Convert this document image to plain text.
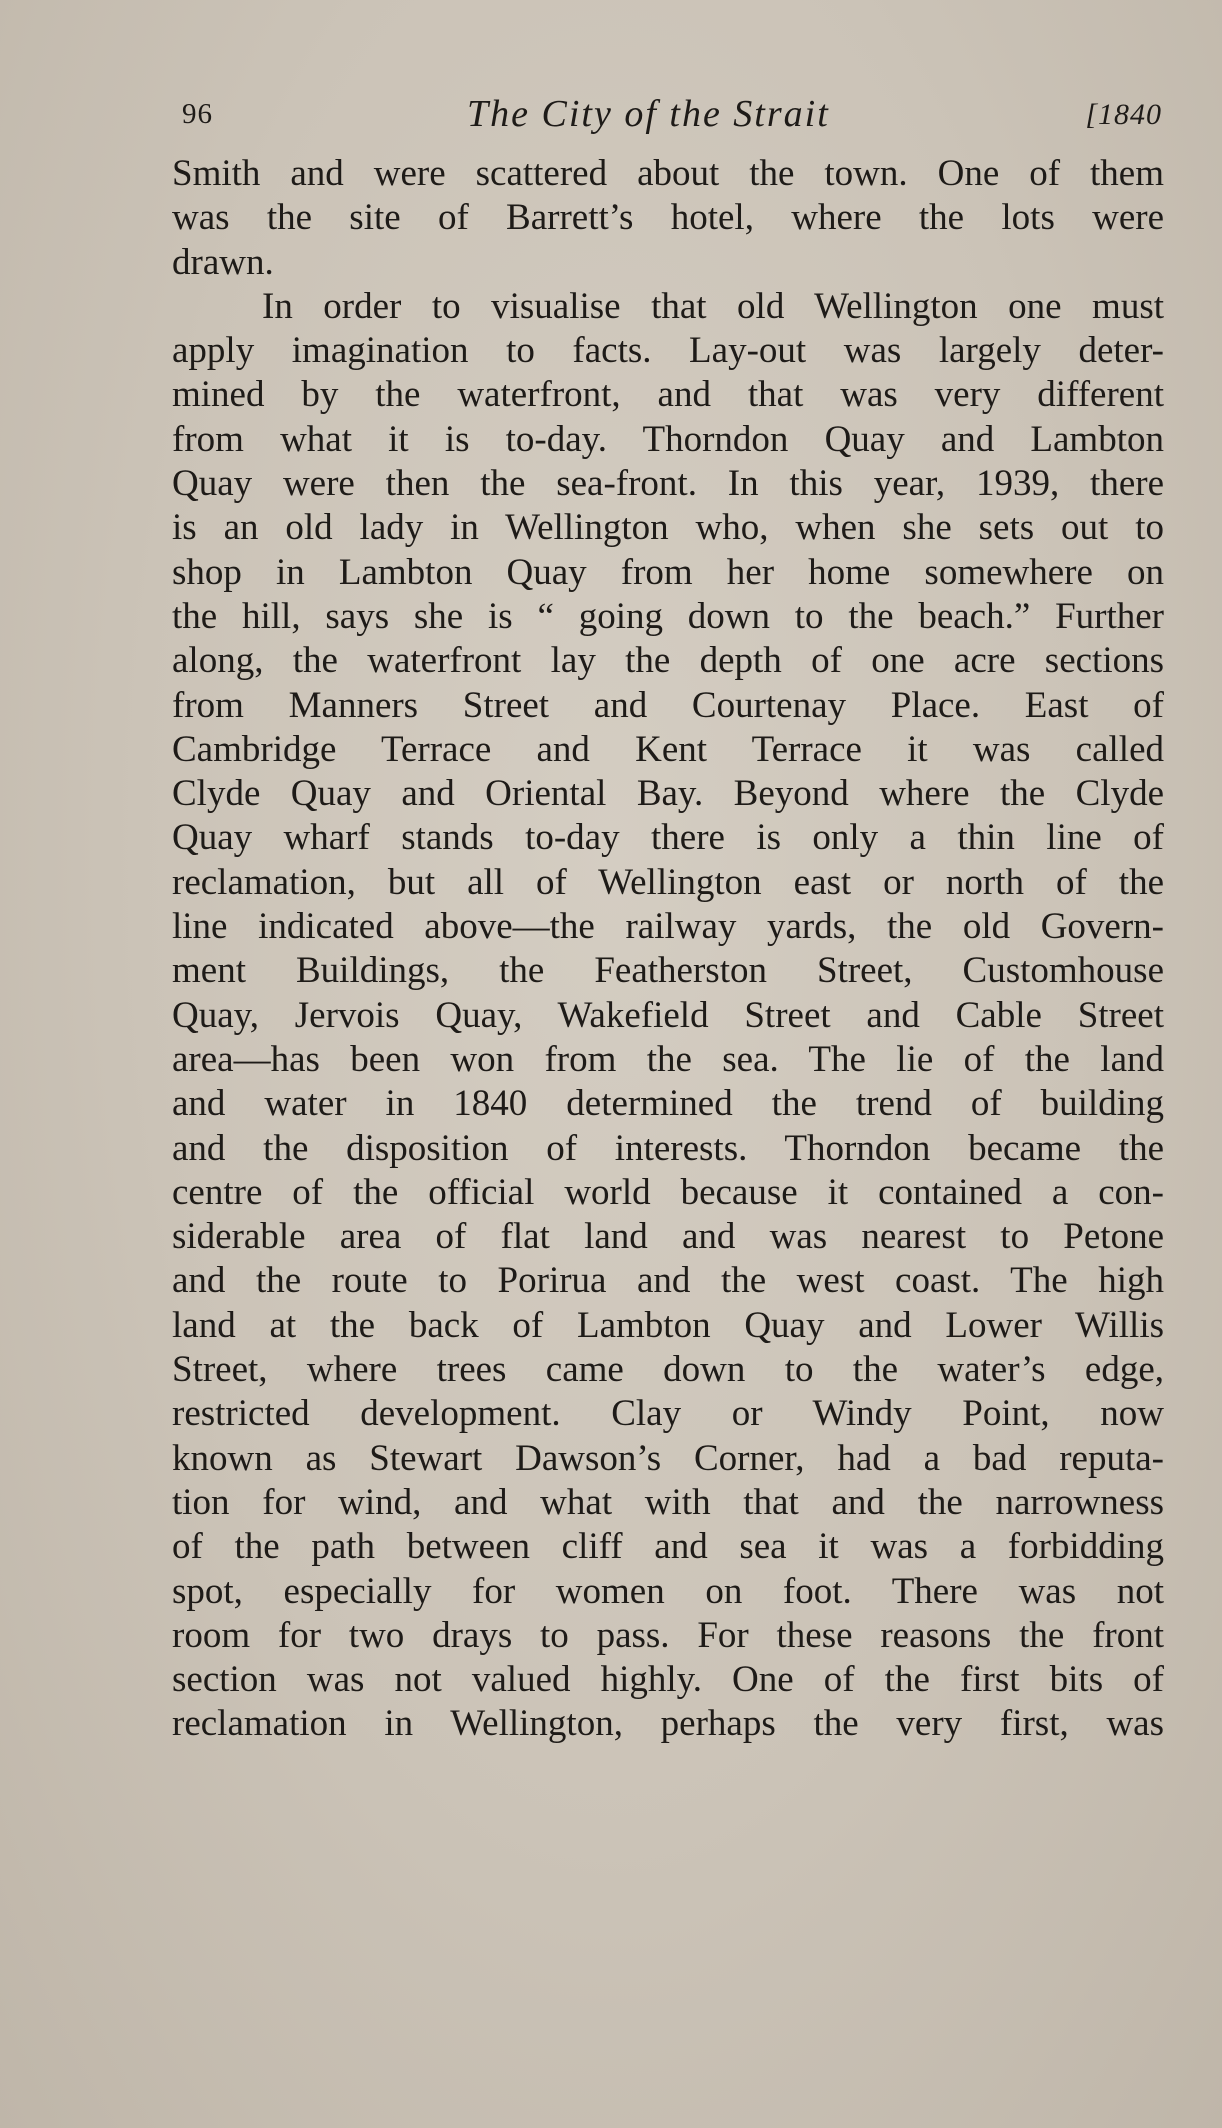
96	The City of the Strait	[1840
Smith and were scattered about the town. One of them
was the site of Barrett’s hotel, where the lots were
drawn.
In order to visualise that old Wellington one must
apply imagination to facts. Lay-out was largely deter-
mined by the waterfront, and that was very different
from what it is to-day. Thorndon Quay and Lambton
Quay were then the sea-front. In this year, 1939, there
is an old lady in Wellington who, when she sets out to
shop in Lambton Quay from her home somewhere on
the hill, says she is “ going down to the beach.” Further
along, the waterfront lay the depth of one acre sections
from Manners Street and Courtenay Place. East of
Cambridge Terrace and Kent Terrace it was called
Clyde Quay and Oriental Bay. Beyond where the Clyde
Quay wharf stands to-day there is only a thin line of
reclamation, but all of Wellington east or north of the
line indicated above—the railway yards, the old Govern-
ment Buildings, the Featherston Street, Customhouse
Quay, Jervois Quay, Wakefield Street and Cable Street
area—has been won from the sea. The lie of the land
and water in 1840 determined the trend of building
and the disposition of interests. Thorndon became the
centre of the official world because it contained a con-
siderable area of flat land and was nearest to Petone
and the route to Porirua and the west coast. The high
land at the back of Lambton Quay and Lower Willis
Street, where trees came down to the water’s edge,
restricted development. Clay or Windy Point, now
known as Stewart Dawson’s Corner, had a bad reputa-
tion for wind, and what with that and the narrowness
of the path between cliff and sea it was a forbidding
spot, especially for women on foot. There was not
room for two drays to pass. For these reasons the front
section was not valued highly. One of the first bits of
reclamation in Wellington, perhaps the very first, was
